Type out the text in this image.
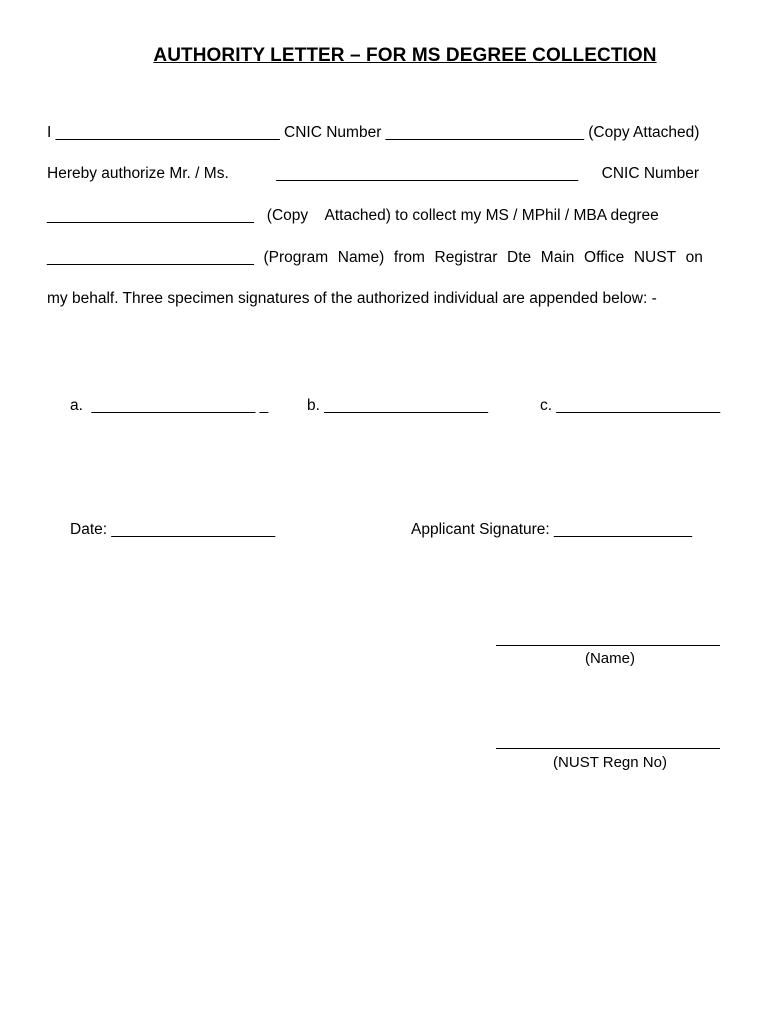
AUTHORITY LETTER – FOR MS DEGREE COLLECTION
I __________________________ CNIC Number _______________________ (Copy Attached)
Hereby authorize Mr. / Ms.	___________________________________ CNIC Number
________________________   (Copy    Attached) to collect my MS / MPhil / MBA degree
________________________ (Program Name) from Registrar Dte Main Office NUST on
my behalf. Three specimen signatures of the authorized individual are appended below: -
a.  ___________________ _ b. ___________________	c. ___________________
Date: ___________________	Applicant Signature: ________________
(Name)
(NUST Regn No)
